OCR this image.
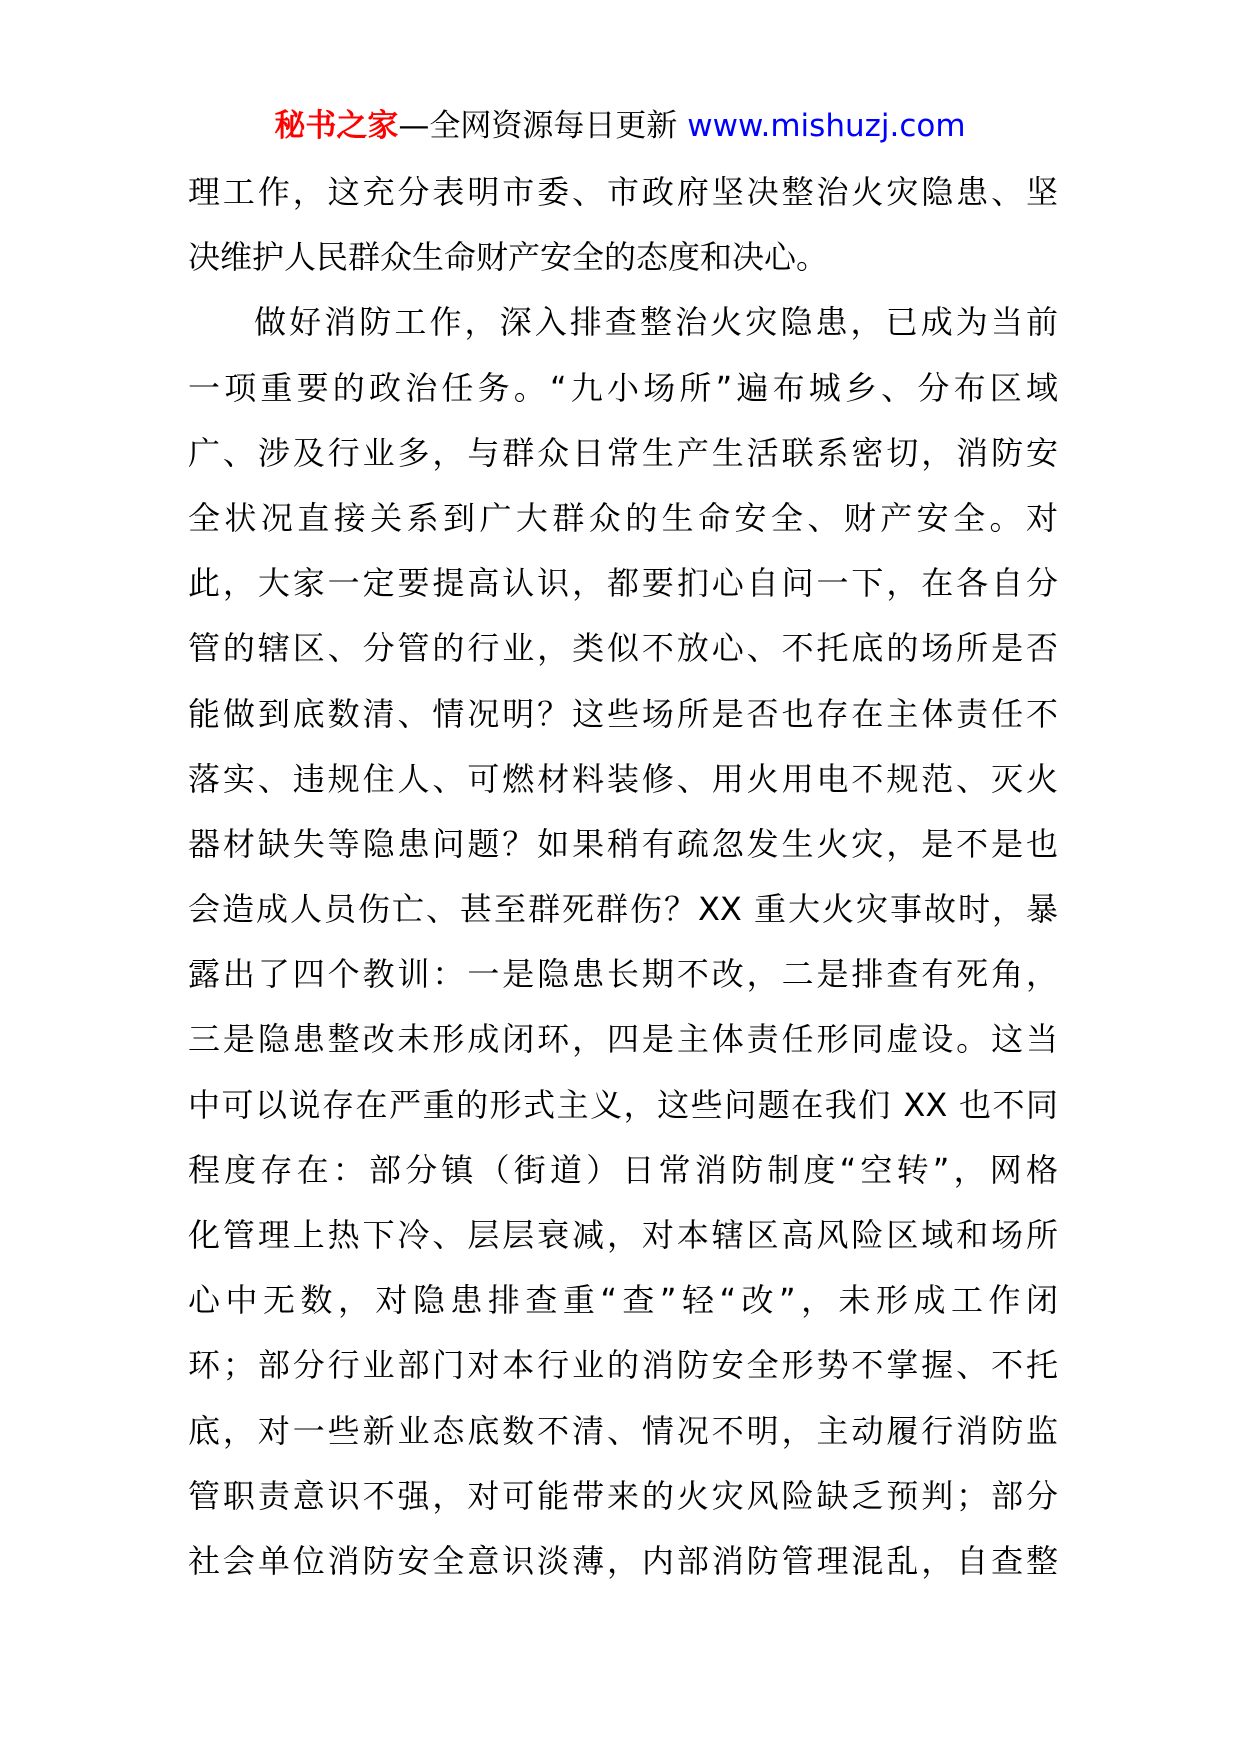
秘书之家—全网资源每日更新 www.mishuzj.com
理工作，这充分表明市委、市政府坚决整治火灾隐患、坚
决维护人民群众生命财产安全的态度和决心。
做好消防工作，深入排查整治火灾隐患，已成为当前
一项重要的政治任务。“九小场所”遍布城乡、分布区域
广、涉及行业多，与群众日常生产生活联系密切，消防安
全状况直接关系到广大群众的生命安全、财产安全。对
此，大家一定要提高认识，都要扪心自问一下，在各自分
管的辖区、分管的行业，类似不放心、不托底的场所是否
能做到底数清、情况明？这些场所是否也存在主体责任不
落实、违规住人、可燃材料装修、用火用电不规范、灭火
器材缺失等隐患问题？如果稍有疏忽发生火灾，是不是也
会造成人员伤亡、甚至群死群伤？XX 重大火灾事故时，暴
露出了四个教训：一是隐患长期不改，二是排查有死角，
三是隐患整改未形成闭环，四是主体责任形同虚设。这当
中可以说存在严重的形式主义，这些问题在我们 XX 也不同
程度存在：部分镇（街道）日常消防制度“空转”，网格
化管理上热下冷、层层衰减，对本辖区高风险区域和场所
心中无数，对隐患排查重“查”轻“改”，未形成工作闭
环；部分行业部门对本行业的消防安全形势不掌握、不托
底，对一些新业态底数不清、情况不明，主动履行消防监
管职责意识不强，对可能带来的火灾风险缺乏预判；部分
社会单位消防安全意识淡薄，内部消防管理混乱，自查整
